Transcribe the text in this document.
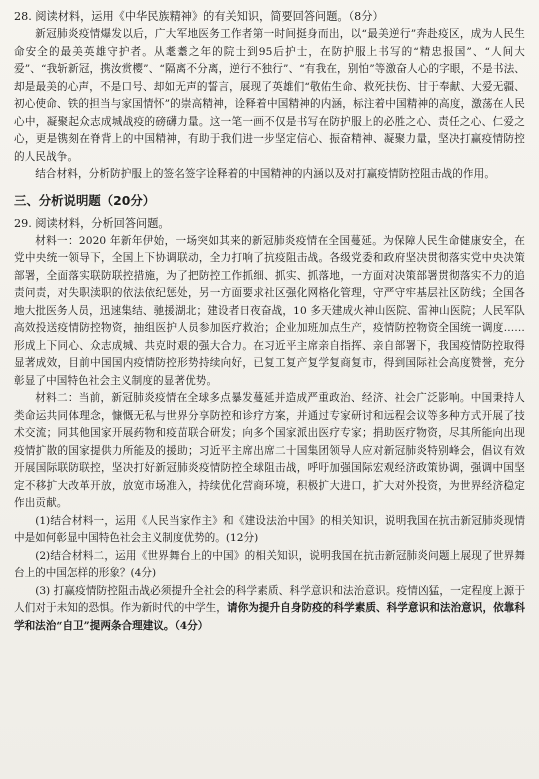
28. 阅读材料，运用《中华民族精神》的有关知识，简要回答问题。（8分）

新冠肺炎疫情爆发以后，广大军地医务工作者第一时间挺身而出，以“最美逆行”奔赴疫区，成为人民生命安全的最美英雄守护者。从耄耋之年的院士到95后护士，在防护服上书写的“精忠报国”、“人间大爱”、“我斩新冠，携汝赏樱”、“隔离不分离，逆行不独行”、“有我在，别怕”等激奋人心的字眼，不是书法、却是最美的心声，不是口号、却如无声的誓言，展现了英雄们“敬佑生命、救死扶伤、甘于奉献、大爱无疆、初心使命、铁的担当与家国情怀”的崇高精神，诠释着中国精神的内涵，标注着中国精神的高度，激荡在人民心中，凝聚起众志成城战疫的磅礴力量。这一笔一画不仅是书写在防护服上的必胜之心、责任之心、仁爱之心，更是镌刻在脊背上的中国精神，有助于我们进一步坚定信心、振奋精神、凝聚力量，坚决打赢疫情防控的人民战争。

结合材料，分析防护服上的签名签字诠释着的中国精神的内涵以及对打赢疫情防控阻击战的作用。

三、分析说明题（20分）

29. 阅读材料，分析回答问题。

材料一：2020 年新年伊始，一场突如其来的新冠肺炎疫情在全国蔓延。为保障人民生命健康安全，在党中央统一领导下，全国上下协调联动，全力打响了抗疫阻击战。各级党委和政府坚决贯彻落实党中央决策部署，全面落实联防联控措施，为了把防控工作抓细、抓实、抓落地，一方面对决策部署贯彻落实不力的追责问责，对失职渎职的依法依纪惩处，另一方面要求社区强化网格化管理，守严守牢基层社区防线；全国各地大批医务人员，迅速集结、驰援湖北；建设者日夜奋战，10 多天建成火神山医院、雷神山医院；人民军队高效投送疫情防控物资，抽组医护人员参加医疗救治；企业加班加点生产，疫情防控物资全国统一调度……形成上下同心、众志成城、共克时艰的强大合力。在习近平主席亲自指挥、亲自部署下，我国疫情防控取得显著成效，目前中国国内疫情防控形势持续向好，已复工复产复学复商复市，得到国际社会高度赞誉，充分彰显了中国特色社会主义制度的显著优势。

材料二：当前，新冠肺炎疫情在全球多点暴发蔓延并造成严重政治、经济、社会广泛影响。中国秉持人类命运共同体理念，慷慨无私与世界分享防控和诊疗方案，并通过专家研讨和远程会议等多种方式开展了技术交流；同其他国家开展药物和疫苗联合研发；向多个国家派出医疗专家；捐助医疗物资，尽其所能向出现疫情扩散的国家提供力所能及的援助；习近平主席出席二十国集团领导人应对新冠肺炎特别峰会，倡议有效开展国际联防联控，坚决打好新冠肺炎疫情防控全球阻击战，呼吁加强国际宏观经济政策协调，强调中国坚定不移扩大改革开放，放宽市场准入，持续优化营商环境，积极扩大进口，扩大对外投资，为世界经济稳定作出贡献。

(1)结合材料一，运用《人民当家作主》和《建设法治中国》的相关知识，说明我国在抗击新冠肺炎现情中是如何彰显中国特色社会主义制度优势的。(12分)

(2)结合材料二，运用《世界舞台上的中国》的相关知识，说明我国在抗击新冠肺炎问题上展现了世界舞台上的中国怎样的形象？(4分)

(3) 打赢疫情防控阻击战必须提升全社会的科学素质、科学意识和法治意识。疫情凶猛，一定程度上源于人们对于未知的恐惧。作为新时代的中学生，请你为提升自身防疫的科学素质、科学意识和法治意识，依靠科学和法治“自卫”提两条合理建议。（4分）
